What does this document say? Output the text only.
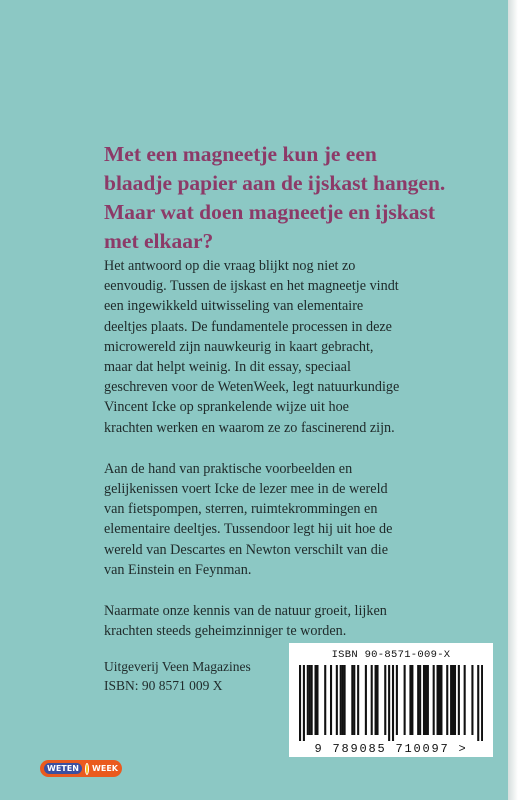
Met een magneetje kun je een
blaadje papier aan de ijskast hangen.
Maar wat doen magneetje en ijskast
met elkaar?

Het antwoord op die vraag blijkt nog niet zo
eenvoudig. Tussen de ijskast en het magneetje vindt
een ingewikkeld uitwisseling van elementaire
deeltjes plaats. De fundamentele processen in deze
microwereld zijn nauwkeurig in kaart gebracht,
maar dat helpt weinig. In dit essay, speciaal
geschreven voor de WetenWeek, legt natuurkundige
Vincent Icke op sprankelende wijze uit hoe
krachten werken en waarom ze zo fascinerend zijn.

Aan de hand van praktische voorbeelden en
gelijkenissen voert Icke de lezer mee in de wereld
van fietspompen, sterren, ruimtekrommingen en
elementaire deeltjes. Tussendoor legt hij uit hoe de
wereld van Descartes en Newton verschilt van die
van Einstein en Feynman.

Naarmate onze kennis van de natuur groeit, lijken
krachten steeds geheimzinniger te worden.

Uitgeverij Veen Magazines
ISBN: 90 8571 009 X
ISBN 90-8571-009-X
9 789085 710097 >
WETEN	WEEK
